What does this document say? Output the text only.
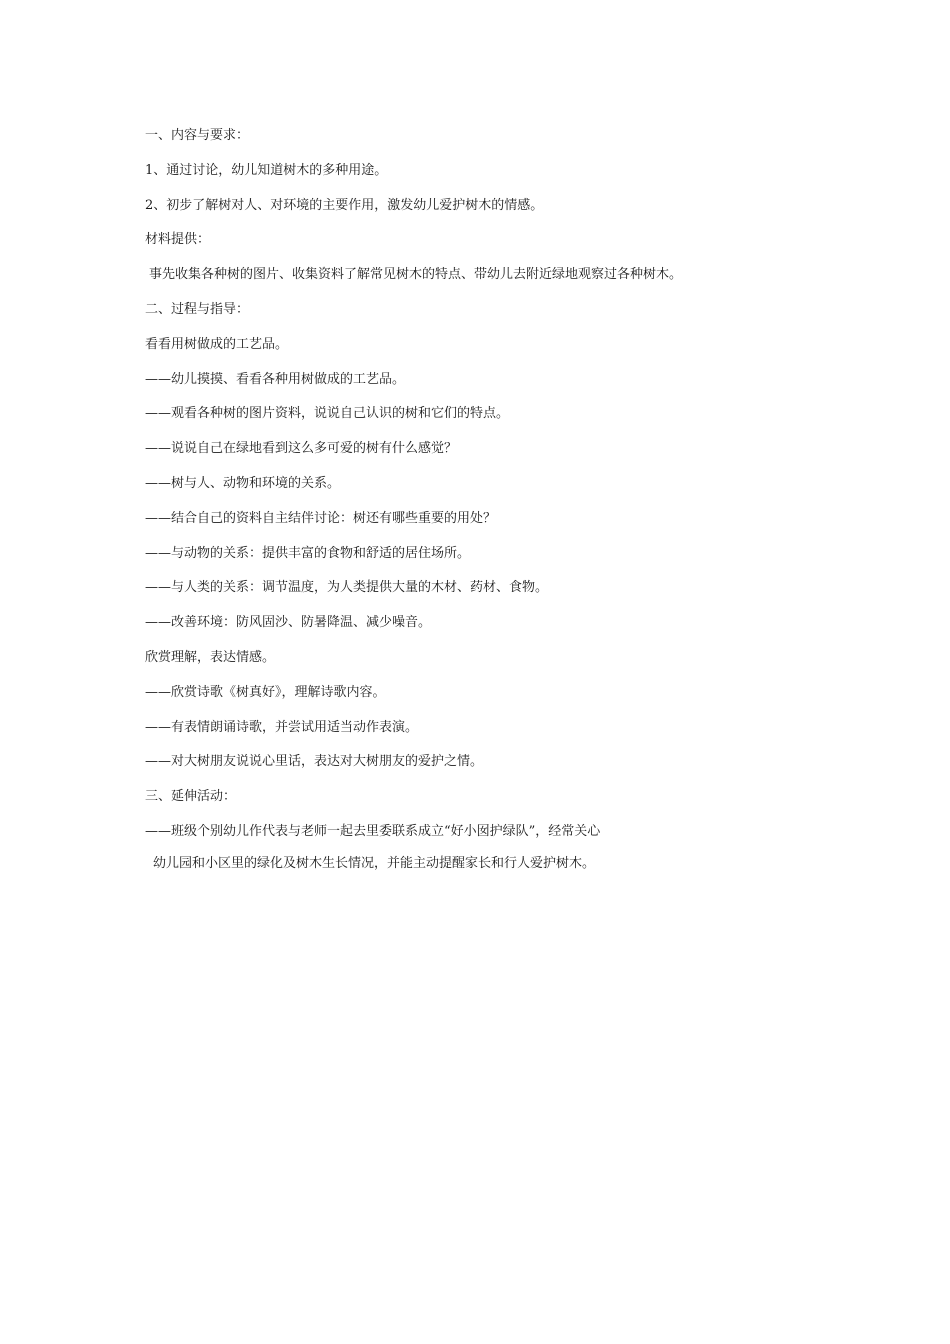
一、内容与要求：
1、通过讨论，幼儿知道树木的多种用途。
2、初步了解树对人、对环境的主要作用，激发幼儿爱护树木的情感。
材料提供：
事先收集各种树的图片、收集资料了解常见树木的特点、带幼儿去附近绿地观察过各种树木。
二、过程与指导：
看看用树做成的工艺品。
——幼儿摸摸、看看各种用树做成的工艺品。
——观看各种树的图片资料，说说自己认识的树和它们的特点。
——说说自己在绿地看到这么多可爱的树有什么感觉？
——树与人、动物和环境的关系。
——结合自己的资料自主结伴讨论：树还有哪些重要的用处？
——与动物的关系：提供丰富的食物和舒适的居住场所。
——与人类的关系：调节温度，为人类提供大量的木材、药材、食物。
——改善环境：防风固沙、防暑降温、减少噪音。
欣赏理解，表达情感。
——欣赏诗歌《树真好》，理解诗歌内容。
——有表情朗诵诗歌，并尝试用适当动作表演。
——对大树朋友说说心里话，表达对大树朋友的爱护之情。
三、延伸活动：
——班级个别幼儿作代表与老师一起去里委联系成立“好小囡护绿队”，经常关心
幼儿园和小区里的绿化及树木生长情况，并能主动提醒家长和行人爱护树木。
